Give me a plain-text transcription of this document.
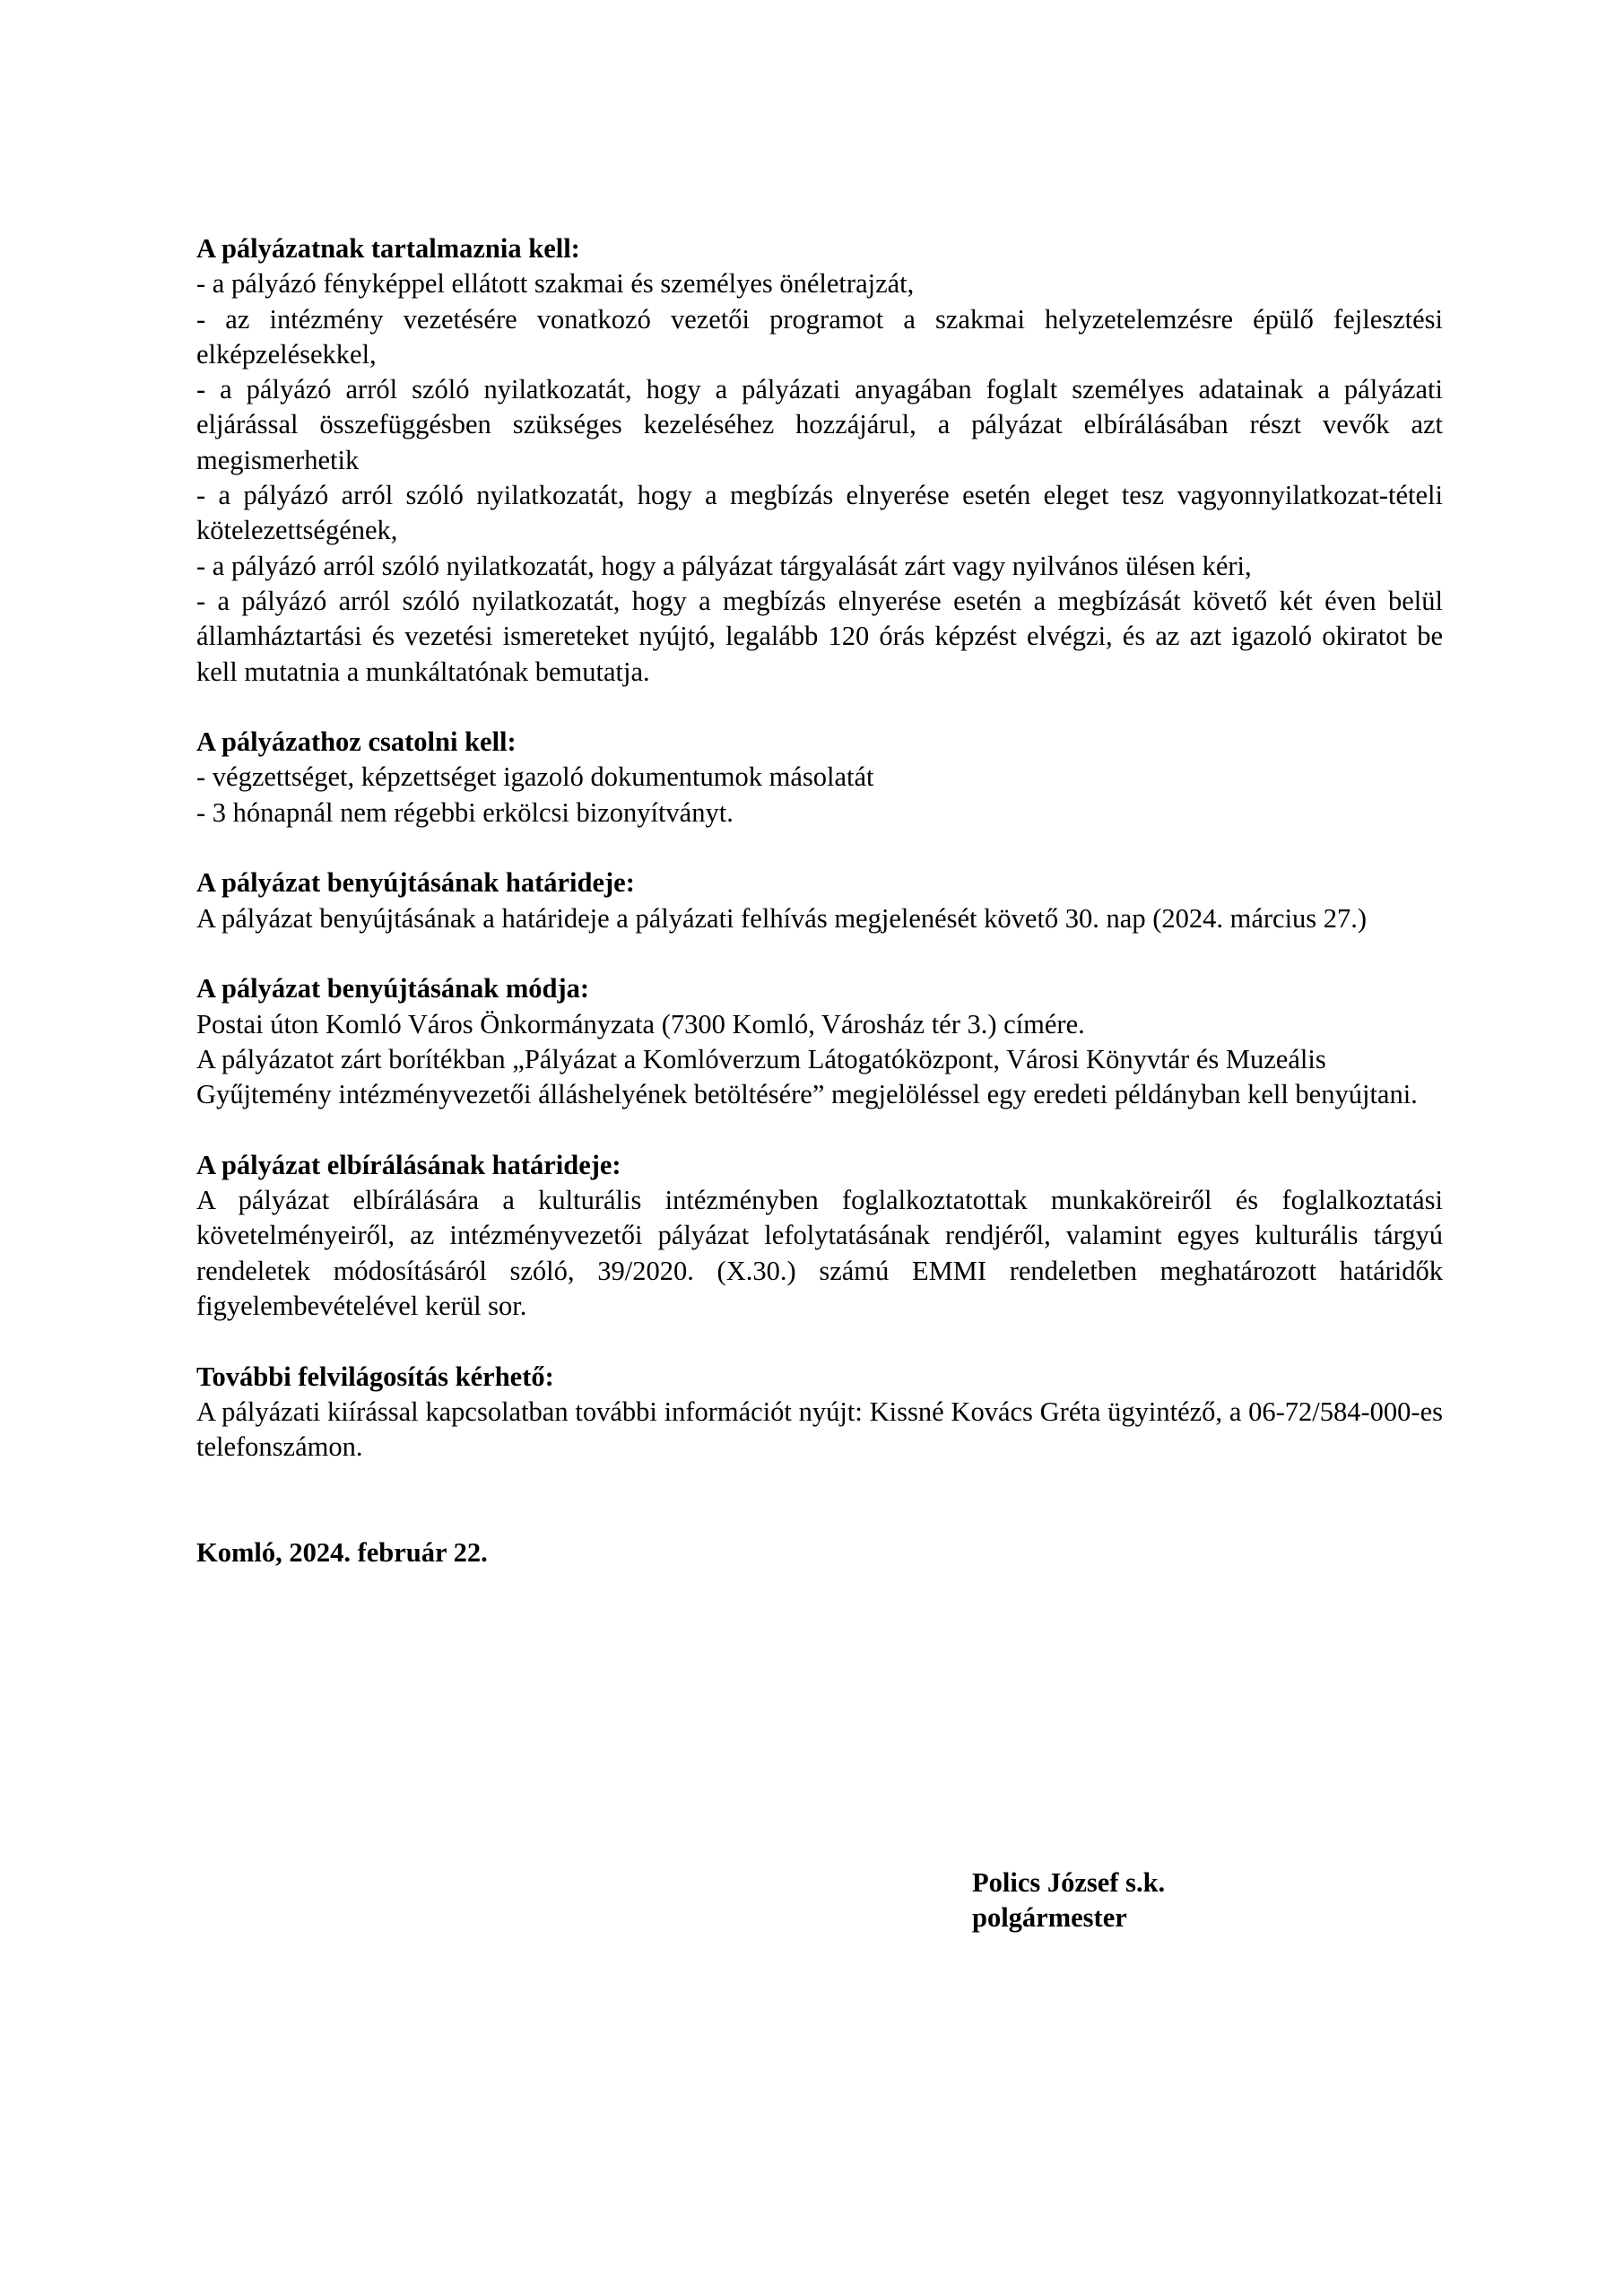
A pályázatnak tartalmaznia kell:

- a pályázó fényképpel ellátott szakmai és személyes önéletrajzát,

- az intézmény vezetésére vonatkozó vezetői programot a szakmai helyzetelemzésre épülő fejlesztési elképzelésekkel,

- a pályázó arról szóló nyilatkozatát, hogy a pályázati anyagában foglalt személyes adatainak a pályázati eljárással összefüggésben szükséges kezeléséhez hozzájárul, a pályázat elbírálásában részt vevők azt megismerhetik

- a pályázó arról szóló nyilatkozatát, hogy a megbízás elnyerése esetén eleget tesz vagyonnyilatkozat-tételi kötelezettségének,

- a pályázó arról szóló nyilatkozatát, hogy a pályázat tárgyalását zárt vagy nyilvános ülésen kéri,

- a pályázó arról szóló nyilatkozatát, hogy a megbízás elnyerése esetén a megbízását követő két éven belül államháztartási és vezetési ismereteket nyújtó, legalább 120 órás képzést elvégzi, és az azt igazoló okiratot be kell mutatnia a munkáltatónak bemutatja.

A pályázathoz csatolni kell:

- végzettséget, képzettséget igazoló dokumentumok másolatát

- 3 hónapnál nem régebbi erkölcsi bizonyítványt.

A pályázat benyújtásának határideje:

A pályázat benyújtásának a határideje a pályázati felhívás megjelenését követő 30. nap (2024. március 27.)

A pályázat benyújtásának módja:

Postai úton Komló Város Önkormányzata (7300 Komló, Városház tér 3.) címére.

A pályázatot zárt borítékban „Pályázat a Komlóverzum Látogatóközpont, Városi Könyvtár és Muzeális Gyűjtemény intézményvezetői álláshelyének betöltésére” megjelöléssel egy eredeti példányban kell benyújtani.

A pályázat elbírálásának határideje:

A pályázat elbírálására a kulturális intézményben foglalkoztatottak munkaköreiről és foglalkoztatási követelményeiről, az intézményvezetői pályázat lefolytatásának rendjéről, valamint egyes kulturális tárgyú rendeletek módosításáról szóló, 39/2020. (X.30.) számú EMMI rendeletben meghatározott határidők figyelembevételével kerül sor.

További felvilágosítás kérhető:

A pályázati kiírással kapcsolatban további információt nyújt: Kissné Kovács Gréta ügyintéző, a 06-72/584-000-es telefonszámon.

Komló, 2024. február 22.

Polics József s.k.

polgármester
